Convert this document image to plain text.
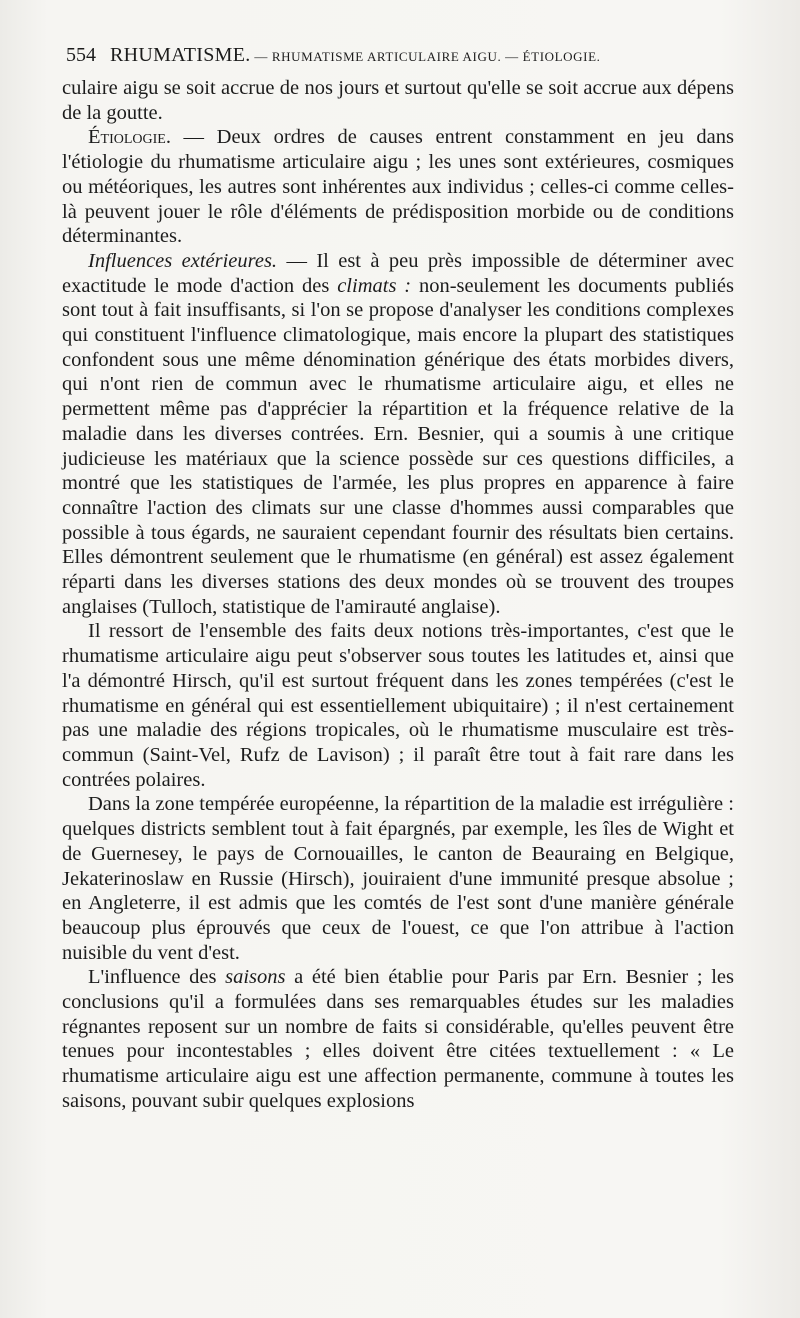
554 RHUMATISME. — RHUMATISME ARTICULAIRE AIGU. — ÉTIOLOGIE.

culaire aigu se soit accrue de nos jours et surtout qu'elle se soit accrue aux dépens de la goutte.

Étiologie. — Deux ordres de causes entrent constamment en jeu dans l'étiologie du rhumatisme articulaire aigu ; les unes sont extérieures, cosmiques ou météoriques, les autres sont inhérentes aux individus ; celles-ci comme celles-là peuvent jouer le rôle d'éléments de prédisposition morbide ou de conditions déterminantes.

Influences extérieures. — Il est à peu près impossible de déterminer avec exactitude le mode d'action des climats : non-seulement les documents publiés sont tout à fait insuffisants, si l'on se propose d'analyser les conditions complexes qui constituent l'influence climatologique, mais encore la plupart des statistiques confondent sous une même dénomination générique des états morbides divers, qui n'ont rien de commun avec le rhumatisme articulaire aigu, et elles ne permettent même pas d'apprécier la répartition et la fréquence relative de la maladie dans les diverses contrées. Ern. Besnier, qui a soumis à une critique judicieuse les matériaux que la science possède sur ces questions difficiles, a montré que les statistiques de l'armée, les plus propres en apparence à faire connaître l'action des climats sur une classe d'hommes aussi comparables que possible à tous égards, ne sauraient cependant fournir des résultats bien certains. Elles démontrent seulement que le rhumatisme (en général) est assez également réparti dans les diverses stations des deux mondes où se trouvent des troupes anglaises (Tulloch, statistique de l'amirauté anglaise).

Il ressort de l'ensemble des faits deux notions très-importantes, c'est que le rhumatisme articulaire aigu peut s'observer sous toutes les latitudes et, ainsi que l'a démontré Hirsch, qu'il est surtout fréquent dans les zones tempérées (c'est le rhumatisme en général qui est essentiellement ubiquitaire) ; il n'est certainement pas une maladie des régions tropicales, où le rhumatisme musculaire est très-commun (Saint-Vel, Rufz de Lavison) ; il paraît être tout à fait rare dans les contrées polaires.

Dans la zone tempérée européenne, la répartition de la maladie est irrégulière : quelques districts semblent tout à fait épargnés, par exemple, les îles de Wight et de Guernesey, le pays de Cornouailles, le canton de Beauraing en Belgique, Jekaterinoslaw en Russie (Hirsch), jouiraient d'une immunité presque absolue ; en Angleterre, il est admis que les comtés de l'est sont d'une manière générale beaucoup plus éprouvés que ceux de l'ouest, ce que l'on attribue à l'action nuisible du vent d'est.

L'influence des saisons a été bien établie pour Paris par Ern. Besnier ; les conclusions qu'il a formulées dans ses remarquables études sur les maladies régnantes reposent sur un nombre de faits si considérable, qu'elles peuvent être tenues pour incontestables ; elles doivent être citées textuellement : « Le rhumatisme articulaire aigu est une affection permanente, commune à toutes les saisons, pouvant subir quelques explosions
